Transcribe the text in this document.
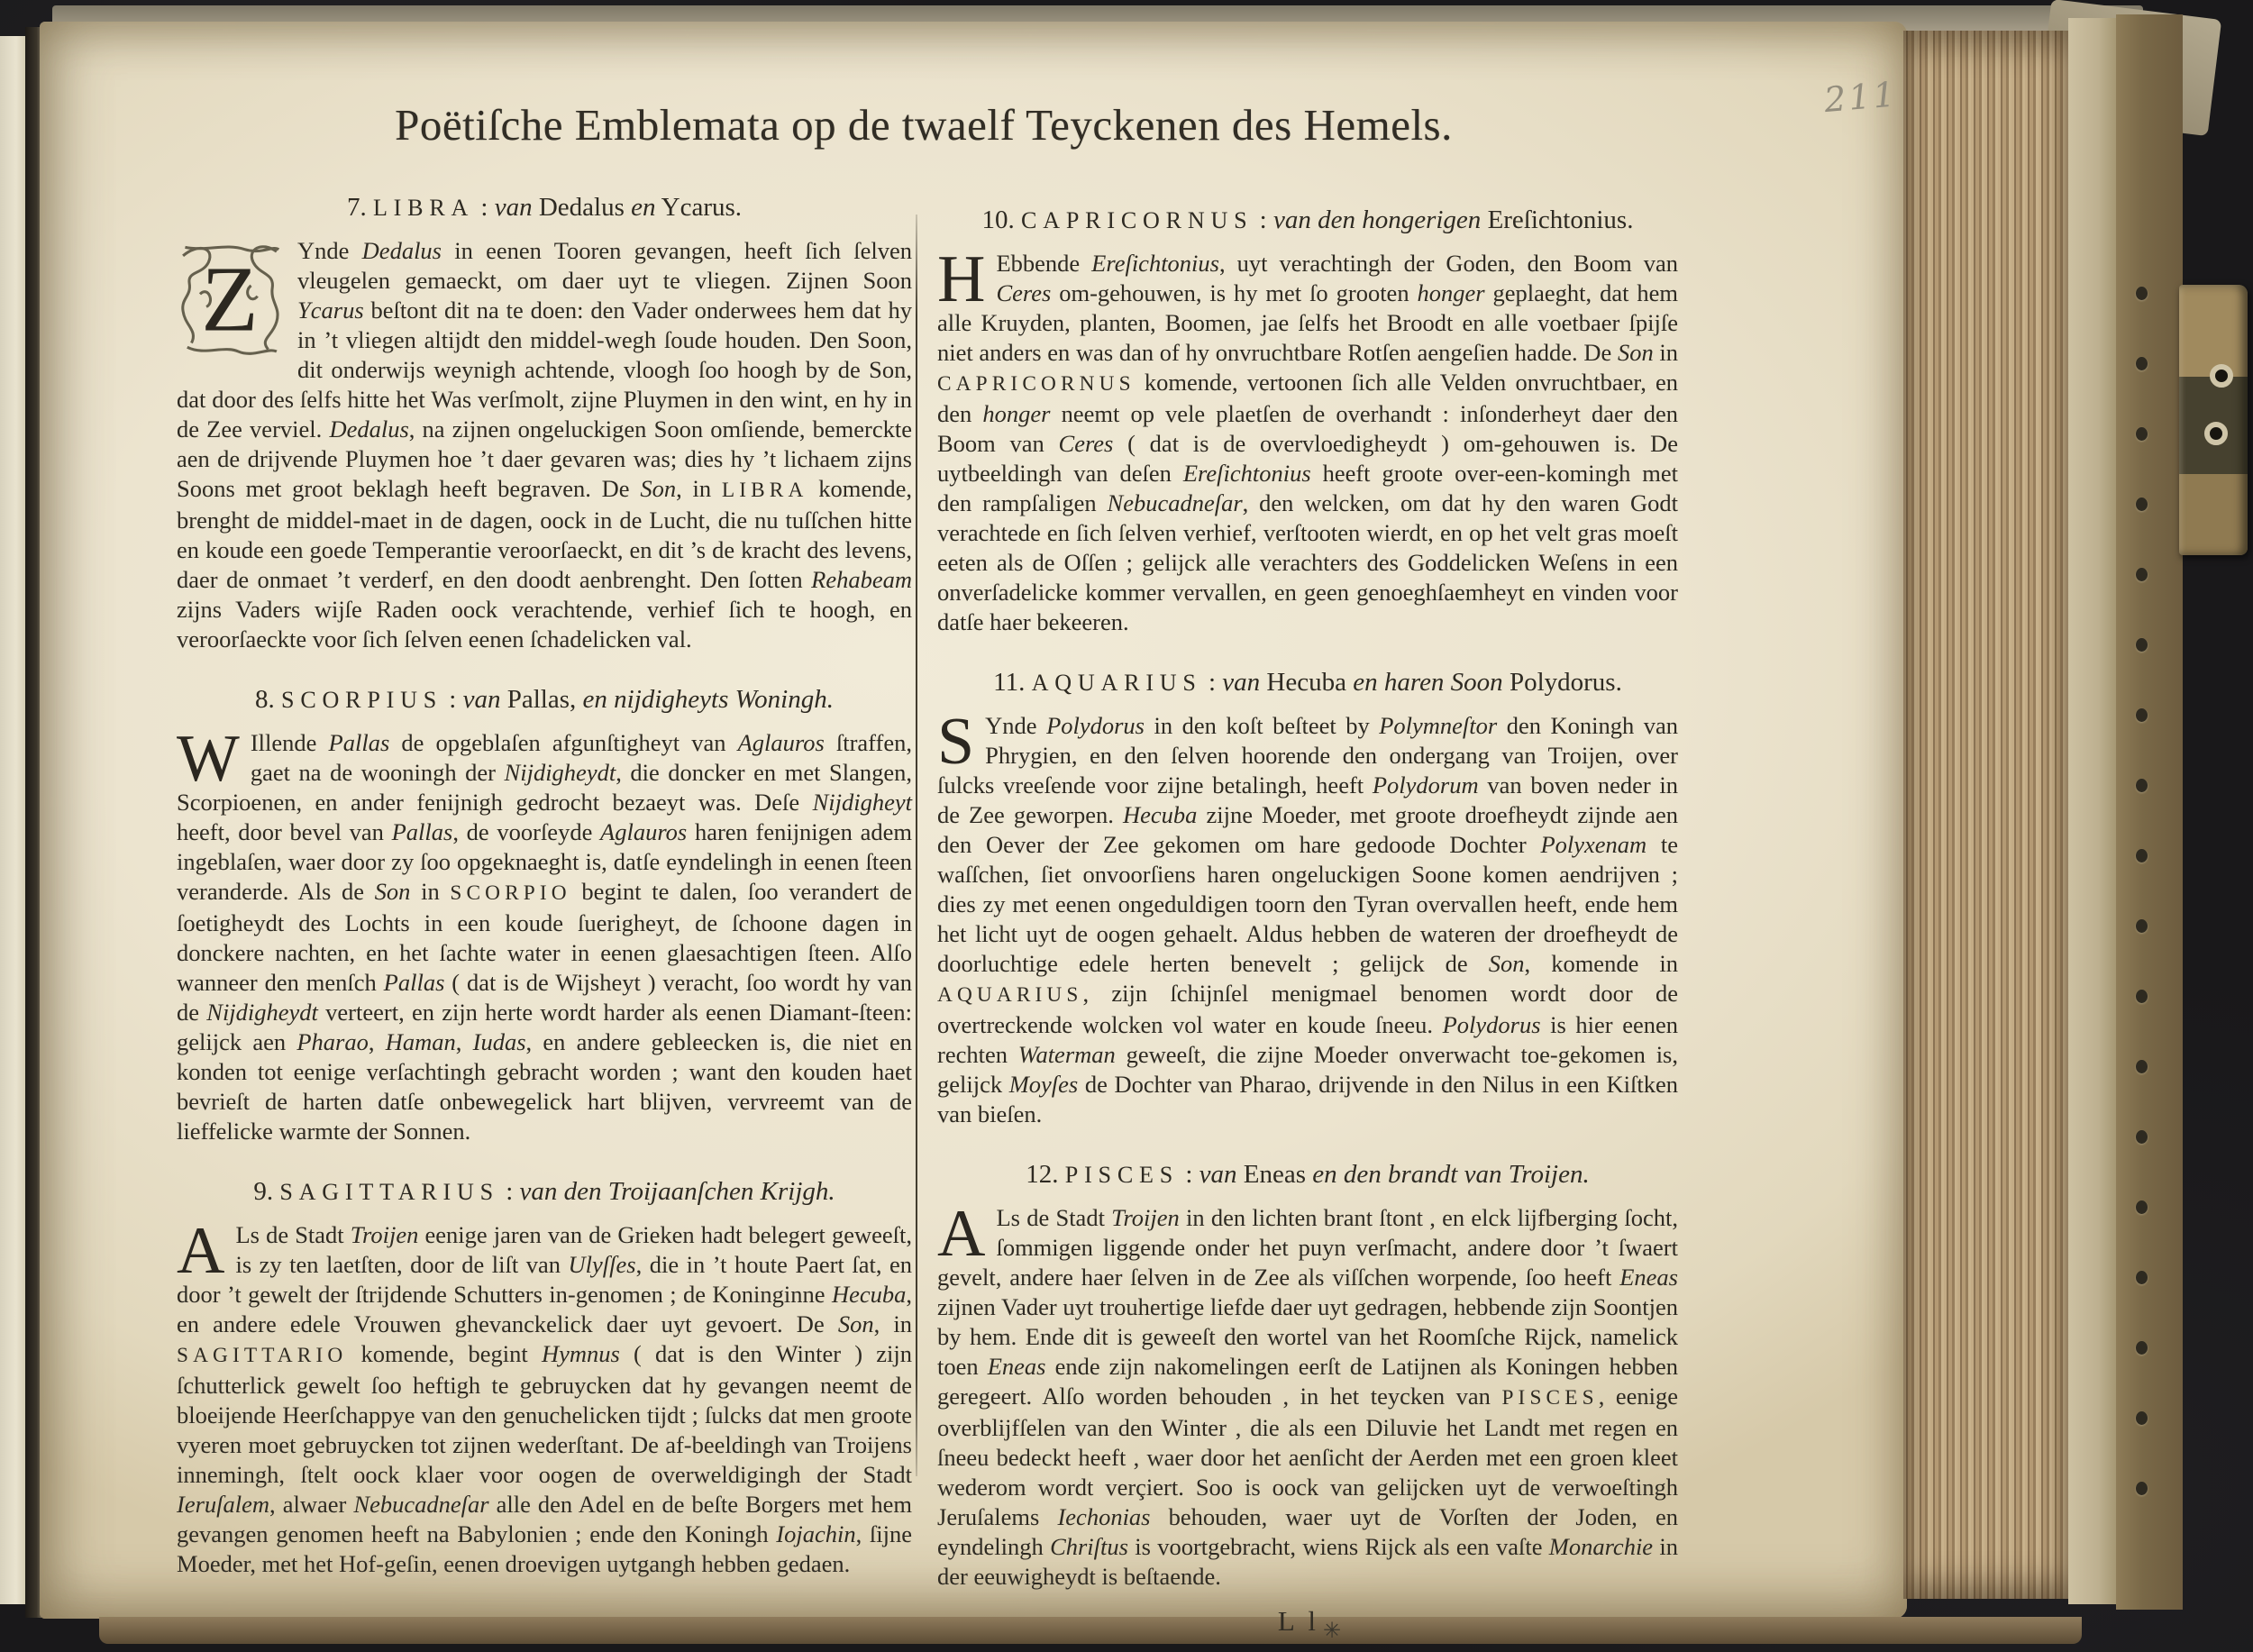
211
Poëtiſche Emblemata op de twaelf Teyckenen des Hemels.
7. LIBRA : van Dedalus en Ycarus.

Z Ynde Dedalus in eenen Tooren gevangen, heeft ſich ſelven vleugelen gemaeckt, om daer uyt te vliegen. Zijnen Soon Ycarus beſtont dit na te doen: den Vader onderwees hem dat hy in ’t vliegen altijdt den middel-wegh ſoude houden. Den Soon, dit onderwijs weynigh achtende, vloogh ſoo hoogh by de Son, dat door des ſelfs hitte het Was verſmolt, zijne Pluymen in den wint, en hy in de Zee verviel. Dedalus, na zijnen ongeluckigen Soon omſiende, bemerckte aen de drijvende Pluymen hoe ’t daer gevaren was; dies hy ’t lichaem zijns Soons met groot beklagh heeft begraven. De Son, in LIBRA komende, brenght de middel-maet in de dagen, oock in de Lucht, die nu tuſſchen hitte en koude een goede Temperantie veroorſaeckt, en dit ’s de kracht des levens, daer de onmaet ’t verderf, en den doodt aenbrenght. Den ſotten Rehabeam zijns Vaders wijſe Raden oock verachtende, verhief ſich te hoogh, en veroorſaeckte voor ſich ſelven eenen ſchadelicken val.

8. SCORPIUS : van Pallas, en nijdigheyts Woningh.

W Illende Pallas de opgeblaſen afgunſtigheyt van Aglauros ſtraffen, gaet na de wooningh der Nijdigheydt, die doncker en met Slangen, Scorpioenen, en ander fenijnigh gedrocht bezaeyt was. Deſe Nijdigheyt heeft, door bevel van Pallas, de voorſeyde Aglauros haren fenijnigen adem ingeblaſen, waer door zy ſoo opgeknaeght is, datſe eyndelingh in eenen ſteen veranderde. Als de Son in SCORPIO begint te dalen, ſoo verandert de ſoetigheydt des Lochts in een koude ſuerigheyt, de ſchoone dagen in donckere nachten, en het ſachte water in eenen glaesachtigen ſteen. Alſo wanneer den menſch Pallas ( dat is de Wijsheyt ) veracht, ſoo wordt hy van de Nijdigheydt verteert, en zijn herte wordt harder als eenen Diamant-ſteen: gelijck aen Pharao, Haman, Iudas, en andere gebleecken is, die niet en konden tot eenige verſachtingh gebracht worden ; want den kouden haet bevrieſt de harten datſe onbewegelick hart blijven, vervreemt van de lieffelicke warmte der Sonnen.

9. SAGITTARIUS : van den Troijaanſchen Krijgh.

A Ls de Stadt Troijen eenige jaren van de Grieken hadt belegert geweeſt, is zy ten laetſten, door de liſt van Ulyſſes, die in ’t houte Paert ſat, en door ’t gewelt der ſtrijdende Schutters in-genomen ; de Koninginne Hecuba, en andere edele Vrouwen ghevanckelick daer uyt gevoert. De Son, in SAGITTARIO komende, begint Hymnus ( dat is den Winter ) zijn ſchutterlick gewelt ſoo heftigh te gebruycken dat hy gevangen neemt de bloeijende Heerſchappye van den genuchelicken tijdt ; ſulcks dat men groote vyeren moet gebruycken tot zijnen wederſtant. De af-beeldingh van Troijens innemingh, ſtelt oock klaer voor oogen de overweldigingh der Stadt Ieruſalem, alwaer Nebucadneſar alle den Adel en de beſte Borgers met hem gevangen genomen heeft na Babylonien ; ende den Koningh Iojachin, ſijne Moeder, met het Hof-geſin, eenen droevigen uytgangh hebben gedaen.

10. CAPRICORNUS : van den hongerigen Ereſichtonius.

H Ebbende Ereſichtonius, uyt verachtingh der Goden, den Boom van Ceres om-gehouwen, is hy met ſo grooten honger geplaeght, dat hem alle Kruyden, planten, Boomen, jae ſelfs het Broodt en alle voetbaer ſpijſe niet anders en was dan of hy onvruchtbare Rotſen aengeſien hadde. De Son in CAPRICORNUS komende, vertoonen ſich alle Velden onvruchtbaer, en den honger neemt op vele plaetſen de overhandt : inſonderheyt daer den Boom van Ceres ( dat is de overvloedigheydt ) om-gehouwen is. De uytbeeldingh van deſen Ereſichtonius heeft groote over-een-komingh met den rampſaligen Nebucadneſar, den welcken, om dat hy den waren Godt verachtede en ſich ſelven verhief, verſtooten wierdt, en op het velt gras moeſt eeten als de Oſſen ; gelijck alle verachters des Goddelicken Weſens in een onverſadelicke kommer vervallen, en geen genoeghſaemheyt en vinden voor datſe haer bekeeren.

11. AQUARIUS : van Hecuba en haren Soon Polydorus.

S Ynde Polydorus in den koſt beſteet by Polymneſtor den Koningh van Phrygien, en den ſelven hoorende den ondergang van Troijen, over ſulcks vreeſende voor zijne betalingh, heeft Polydorum van boven neder in de Zee geworpen. Hecuba zijne Moeder, met groote droefheydt zijnde aen den Oever der Zee gekomen om hare gedoode Dochter Polyxenam te waſſchen, ſiet onvoorſiens haren ongeluckigen Soone komen aendrijven ; dies zy met eenen ongeduldigen toorn den Tyran overvallen heeft, ende hem het licht uyt de oogen gehaelt. Aldus hebben de wateren der droefheydt de doorluchtige edele herten benevelt ; gelijck de Son, komende in AQUARIUS, zijn ſchijnſel menigmael benomen wordt door de overtreckende wolcken vol water en koude ſneeu. Polydorus is hier eenen rechten Waterman geweeſt, die zijne Moeder onverwacht toe-gekomen is, gelijck Moyſes de Dochter van Pharao, drijvende in den Nilus in een Kiſtken van bieſen.

12. PISCES : van Eneas en den brandt van Troijen.

A Ls de Stadt Troijen in den lichten brant ſtont , en elck lijfberging ſocht, ſommigen liggende onder het puyn verſmacht, andere door ’t ſwaert gevelt, andere haer ſelven in de Zee als viſſchen worpende, ſoo heeft Eneas zijnen Vader uyt trouhertige liefde daer uyt gedragen, hebbende zijn Soontjen by hem. Ende dit is geweeſt den wortel van het Roomſche Rijck, namelick toen Eneas ende zijn nakomelingen eerſt de Latijnen als Koningen hebben geregeert. Alſo worden behouden , in het teycken van PISCES, eenige overblijfſelen van den Winter , die als een Diluvie het Landt met regen en ſneeu bedeckt heeft , waer door het aenſicht der Aerden met een groen kleet wederom wordt verçiert. Soo is oock van gelijcken uyt de verwoeſtingh Jeruſalems Iechonias behouden, waer uyt de Vorſten der Joden, en eyndelingh Chriſtus is voortgebracht, wiens Rijck als een vaſte Monarchie in der eeuwigheydt is beſtaende.

L l $_✳$
